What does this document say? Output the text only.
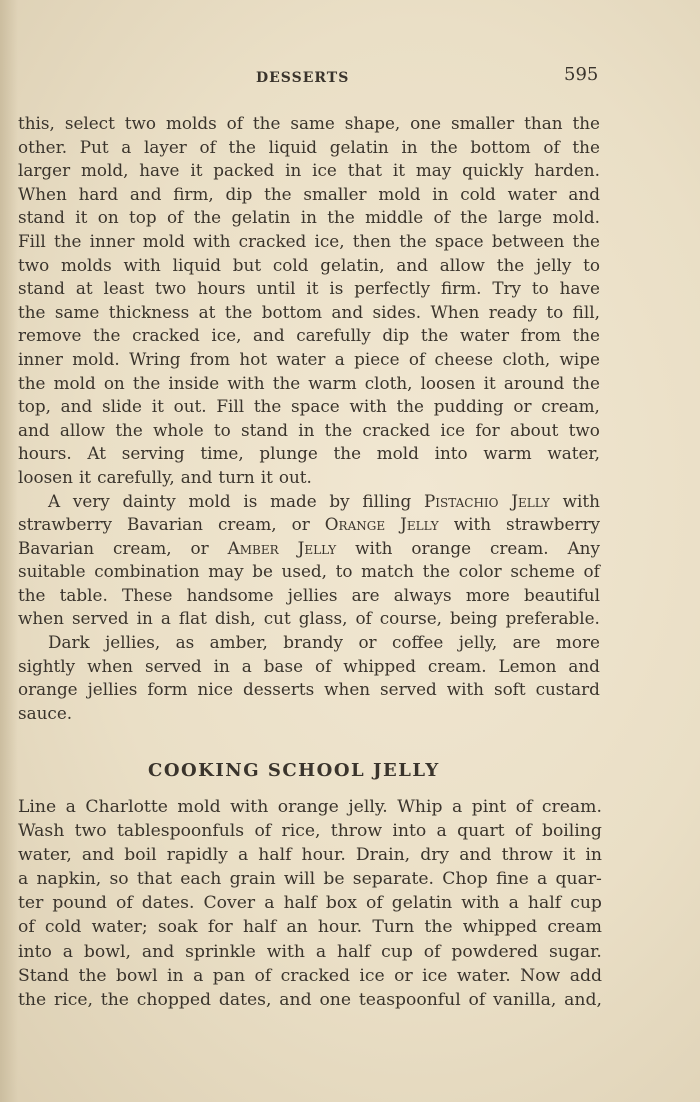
DESSERTS	595
this, select two molds of the same shape, one smaller than the
other. Put a layer of the liquid gelatin in the bottom of the
larger mold, have it packed in ice that it may quickly harden.
When hard and firm, dip the smaller mold in cold water and
stand it on top of the gelatin in the middle of the large mold.
Fill the inner mold with cracked ice, then the space between the
two molds with liquid but cold gelatin, and allow the jelly to
stand at least two hours until it is perfectly firm. Try to have
the same thickness at the bottom and sides. When ready to fill,
remove the cracked ice, and carefully dip the water from the
inner mold. Wring from hot water a piece of cheese cloth, wipe
the mold on the inside with the warm cloth, loosen it around the
top, and slide it out. Fill the space with the pudding or cream,
and allow the whole to stand in the cracked ice for about two
hours. At serving time, plunge the mold into warm water,
loosen it carefully, and turn it out.
A very dainty mold is made by filling Pistachio Jelly with
strawberry Bavarian cream, or Orange Jelly with strawberry
Bavarian cream, or Amber Jelly with orange cream. Any
suitable combination may be used, to match the color scheme of
the table. These handsome jellies are always more beautiful
when served in a flat dish, cut glass, of course, being preferable.
Dark jellies, as amber, brandy or coffee jelly, are more
sightly when served in a base of whipped cream. Lemon and
orange jellies form nice desserts when served with soft custard
sauce.
COOKING SCHOOL JELLY
Line a Charlotte mold with orange jelly. Whip a pint of cream.
Wash two tablespoonfuls of rice, throw into a quart of boiling
water, and boil rapidly a half hour. Drain, dry and throw it in
a napkin, so that each grain will be separate. Chop fine a quar-
ter pound of dates. Cover a half box of gelatin with a half cup
of cold water; soak for half an hour. Turn the whipped cream
into a bowl, and sprinkle with a half cup of powdered sugar.
Stand the bowl in a pan of cracked ice or ice water. Now add
the rice, the chopped dates, and one teaspoonful of vanilla, and,
